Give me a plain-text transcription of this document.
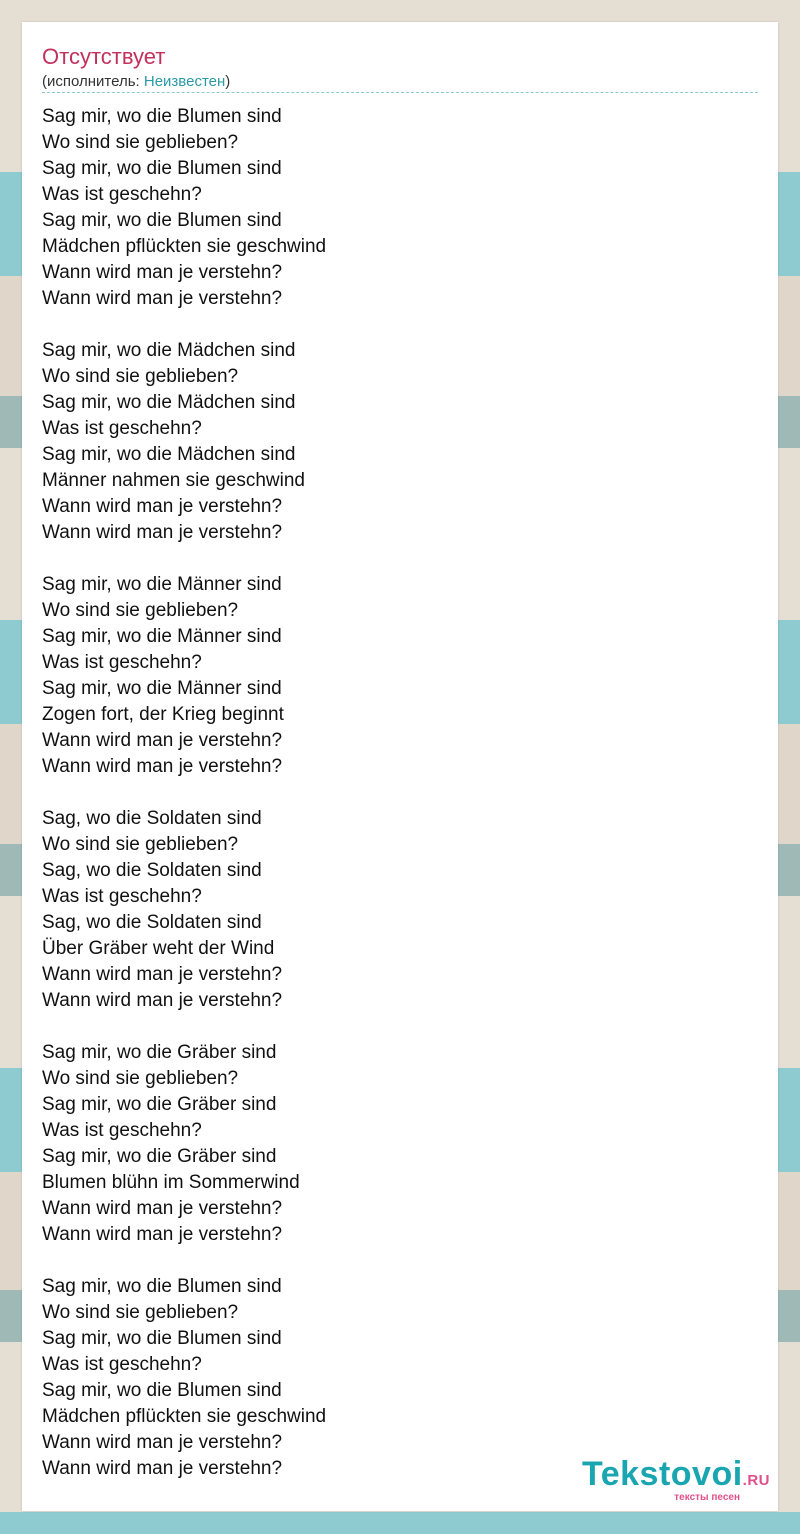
Отсутствует
(исполнитель: Неизвестен)
Sag mir, wo die Blumen sind
Wo sind sie geblieben?
Sag mir, wo die Blumen sind
Was ist geschehn?
Sag mir, wo die Blumen sind
Mädchen pflückten sie geschwind
Wann wird man je verstehn?
Wann wird man je verstehn?
Sag mir, wo die Mädchen sind
Wo sind sie geblieben?
Sag mir, wo die Mädchen sind
Was ist geschehn?
Sag mir, wo die Mädchen sind
Männer nahmen sie geschwind
Wann wird man je verstehn?
Wann wird man je verstehn?
Sag mir, wo die Männer sind
Wo sind sie geblieben?
Sag mir, wo die Männer sind
Was ist geschehn?
Sag mir, wo die Männer sind
Zogen fort, der Krieg beginnt
Wann wird man je verstehn?
Wann wird man je verstehn?
Sag, wo die Soldaten sind
Wo sind sie geblieben?
Sag, wo die Soldaten sind
Was ist geschehn?
Sag, wo die Soldaten sind
Über Gräber weht der Wind
Wann wird man je verstehn?
Wann wird man je verstehn?
Sag mir, wo die Gräber sind
Wo sind sie geblieben?
Sag mir, wo die Gräber sind
Was ist geschehn?
Sag mir, wo die Gräber sind
Blumen blühn im Sommerwind
Wann wird man je verstehn?
Wann wird man je verstehn?
Sag mir, wo die Blumen sind
Wo sind sie geblieben?
Sag mir, wo die Blumen sind
Was ist geschehn?
Sag mir, wo die Blumen sind
Mädchen pflückten sie geschwind
Wann wird man je verstehn?
Wann wird man je verstehn?	Tekstovoi.RU
тексты песен
